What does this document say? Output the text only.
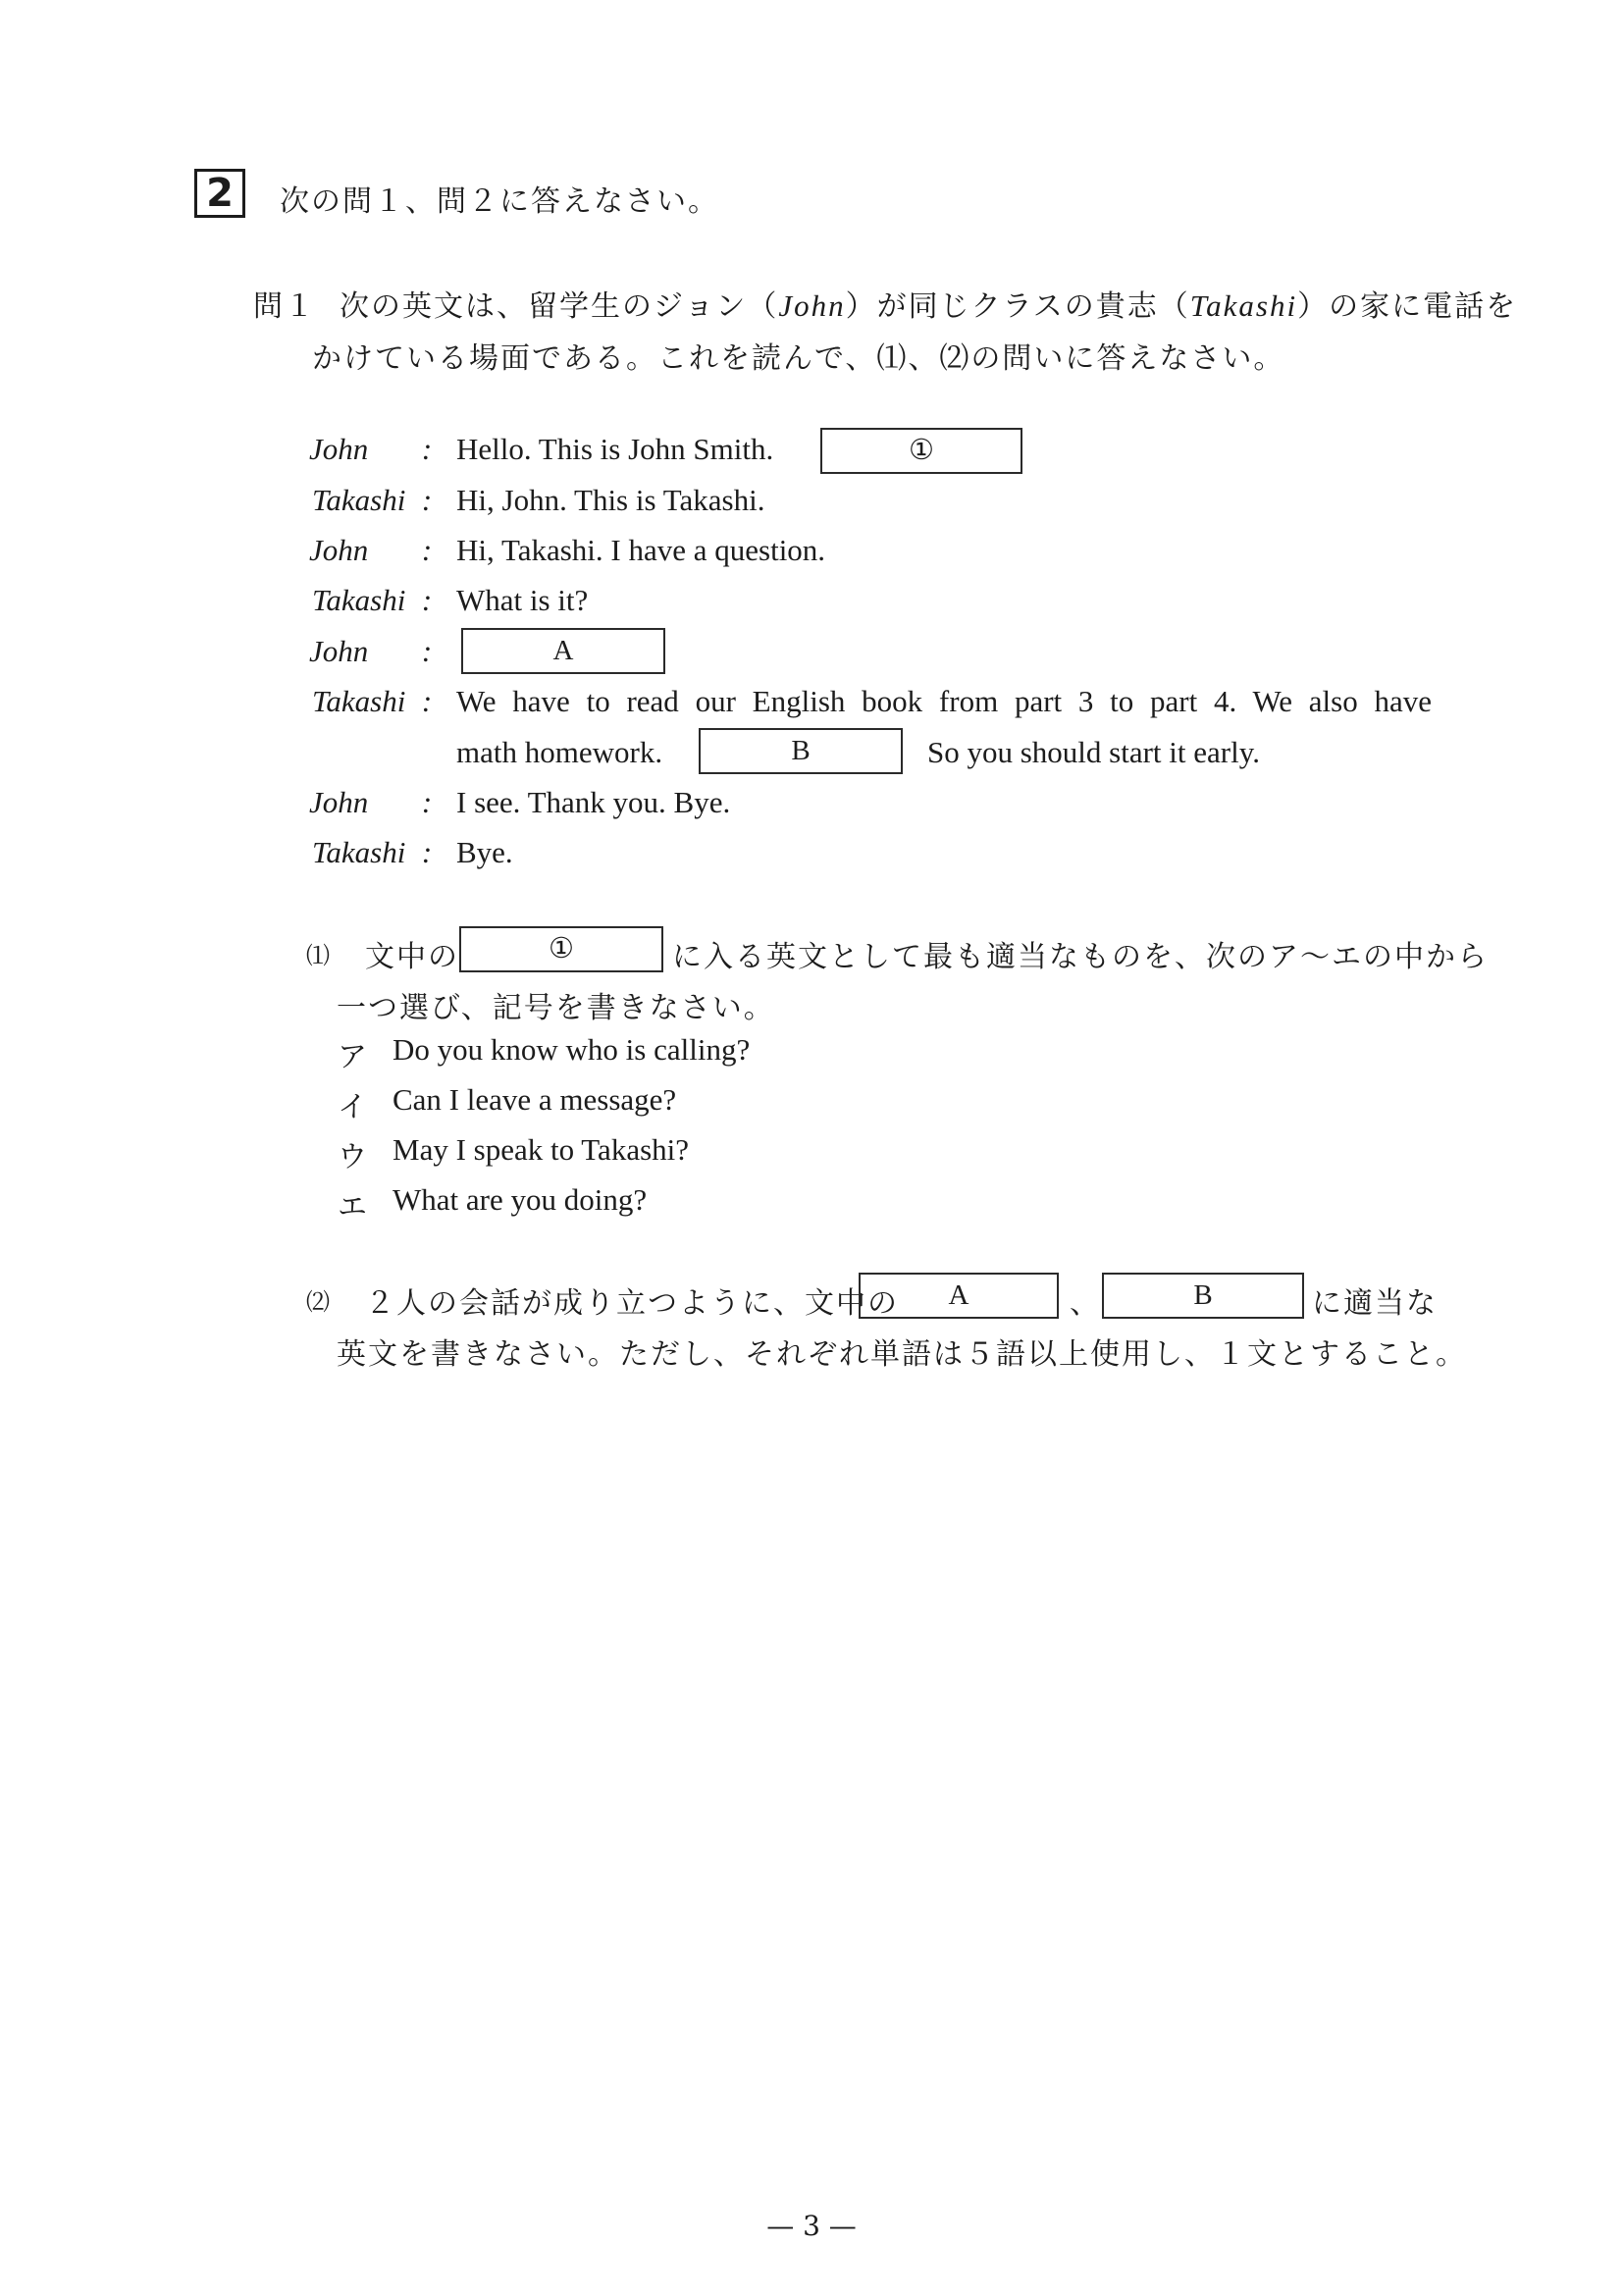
2	次の問１、問２に答えなさい。
問１ 次の英文は、留学生のジョン（John）が同じクラスの貴志（Takashi）の家に電話を
かけている場面である。これを読んで、⑴、⑵の問いに答えなさい。
John	: Hello. This is John Smith.	①
Takashi : Hi, John. This is Takashi.
John	: Hi, Takashi. I have a question.
Takashi : What is it?
John	:	A
Takashi : We have to read our English book from part 3 to part 4. We also have
math homework.	B	So you should start it early.
John	: I see. Thank you. Bye.
Takashi : Bye.
⑴ 文中の	①	に入る英文として最も適当なものを、次のア～エの中から
一つ選び、記号を書きなさい。
ア Do you know who is calling?
イ Can I leave a message?
ウ May I speak to Takashi?
エ What are you doing?
⑵ ２人の会話が成り立つように、文中の	A	、	B	に適当な
英文を書きなさい。ただし、それぞれ単語は５語以上使用し、１文とすること。
— 3 —
